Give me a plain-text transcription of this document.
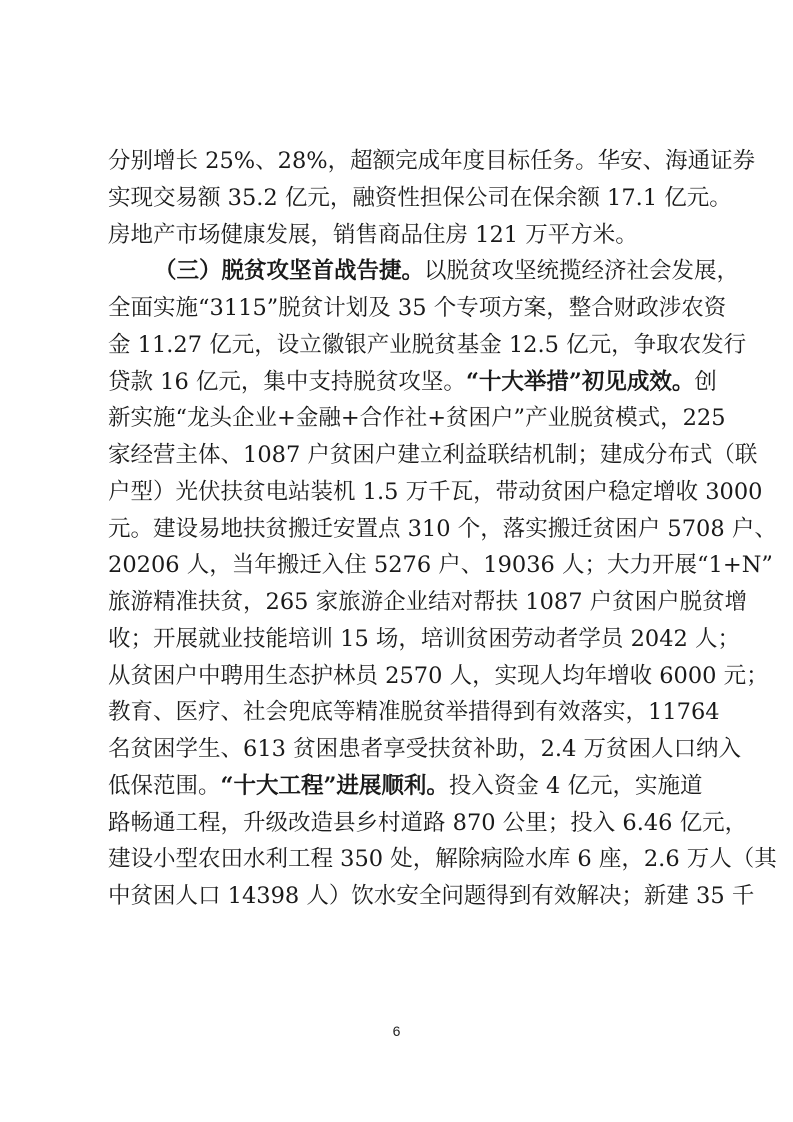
分别增长 25%、28%，超额完成年度目标任务。华安、海通证券
实现交易额 35.2 亿元，融资性担保公司在保余额 17.1 亿元。
房地产市场健康发展，销售商品住房 121 万平方米。
（三）脱贫攻坚首战告捷。以脱贫攻坚统揽经济社会发展，
全面实施“3115”脱贫计划及 35 个专项方案，整合财政涉农资
金 11.27 亿元，设立徽银产业脱贫基金 12.5 亿元，争取农发行
贷款 16 亿元，集中支持脱贫攻坚。“十大举措”初见成效。创
新实施“龙头企业+金融+合作社+贫困户”产业脱贫模式，225
家经营主体、1087 户贫困户建立利益联结机制；建成分布式（联
户型）光伏扶贫电站装机 1.5 万千瓦，带动贫困户稳定增收 3000
元。建设易地扶贫搬迁安置点 310 个，落实搬迁贫困户 5708 户、
20206 人，当年搬迁入住 5276 户、19036 人；大力开展“1+N”
旅游精准扶贫，265 家旅游企业结对帮扶 1087 户贫困户脱贫增
收；开展就业技能培训 15 场，培训贫困劳动者学员 2042 人；
从贫困户中聘用生态护林员 2570 人，实现人均年增收 6000 元；
教育、医疗、社会兜底等精准脱贫举措得到有效落实，11764
名贫困学生、613 贫困患者享受扶贫补助，2.4 万贫困人口纳入
低保范围。“十大工程”进展顺利。投入资金 4 亿元，实施道
路畅通工程，升级改造县乡村道路 870 公里；投入 6.46 亿元，
建设小型农田水利工程 350 处，解除病险水库 6 座，2.6 万人（其
中贫困人口 14398 人）饮水安全问题得到有效解决；新建 35 千
6
